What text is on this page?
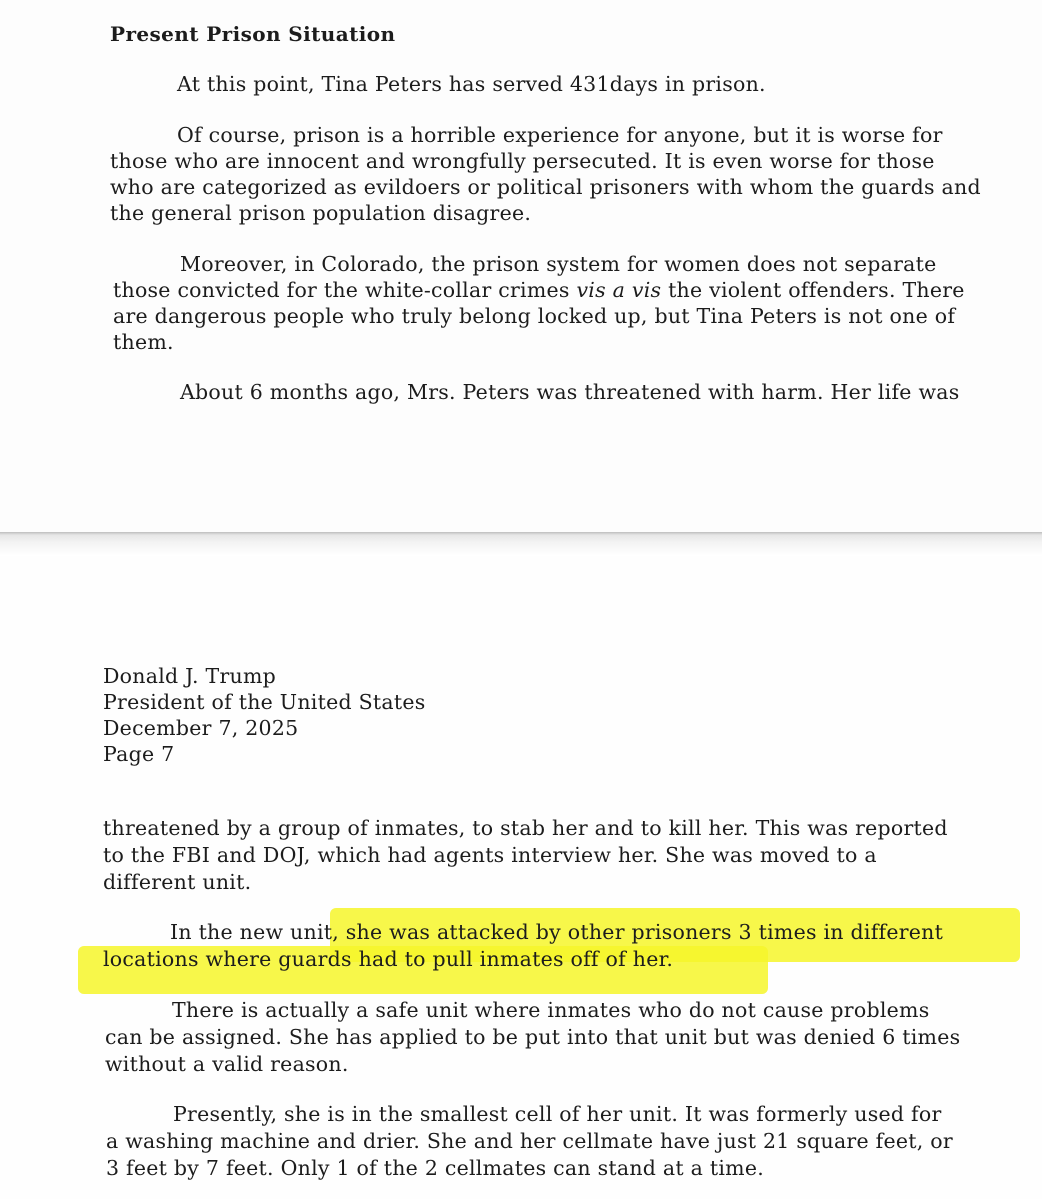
Present Prison Situation
At this point, Tina Peters has served 431days in prison.
Of course, prison is a horrible experience for anyone, but it is worse for
those who are innocent and wrongfully persecuted. It is even worse for those
who are categorized as evildoers or political prisoners with whom the guards and
the general prison population disagree.
Moreover, in Colorado, the prison system for women does not separate
those convicted for the white-collar crimes vis a vis the violent offenders. There
are dangerous people who truly belong locked up, but Tina Peters is not one of
them.
About 6 months ago, Mrs. Peters was threatened with harm. Her life was
Donald J. Trump
President of the United States
December 7, 2025
Page 7
threatened by a group of inmates, to stab her and to kill her. This was reported
to the FBI and DOJ, which had agents interview her. She was moved to a
different unit.
In the new unit, she was attacked by other prisoners 3 times in different
locations where guards had to pull inmates off of her.
There is actually a safe unit where inmates who do not cause problems
can be assigned. She has applied to be put into that unit but was denied 6 times
without a valid reason.
Presently, she is in the smallest cell of her unit. It was formerly used for
a washing machine and drier. She and her cellmate have just 21 square feet, or
3 feet by 7 feet. Only 1 of the 2 cellmates can stand at a time.
